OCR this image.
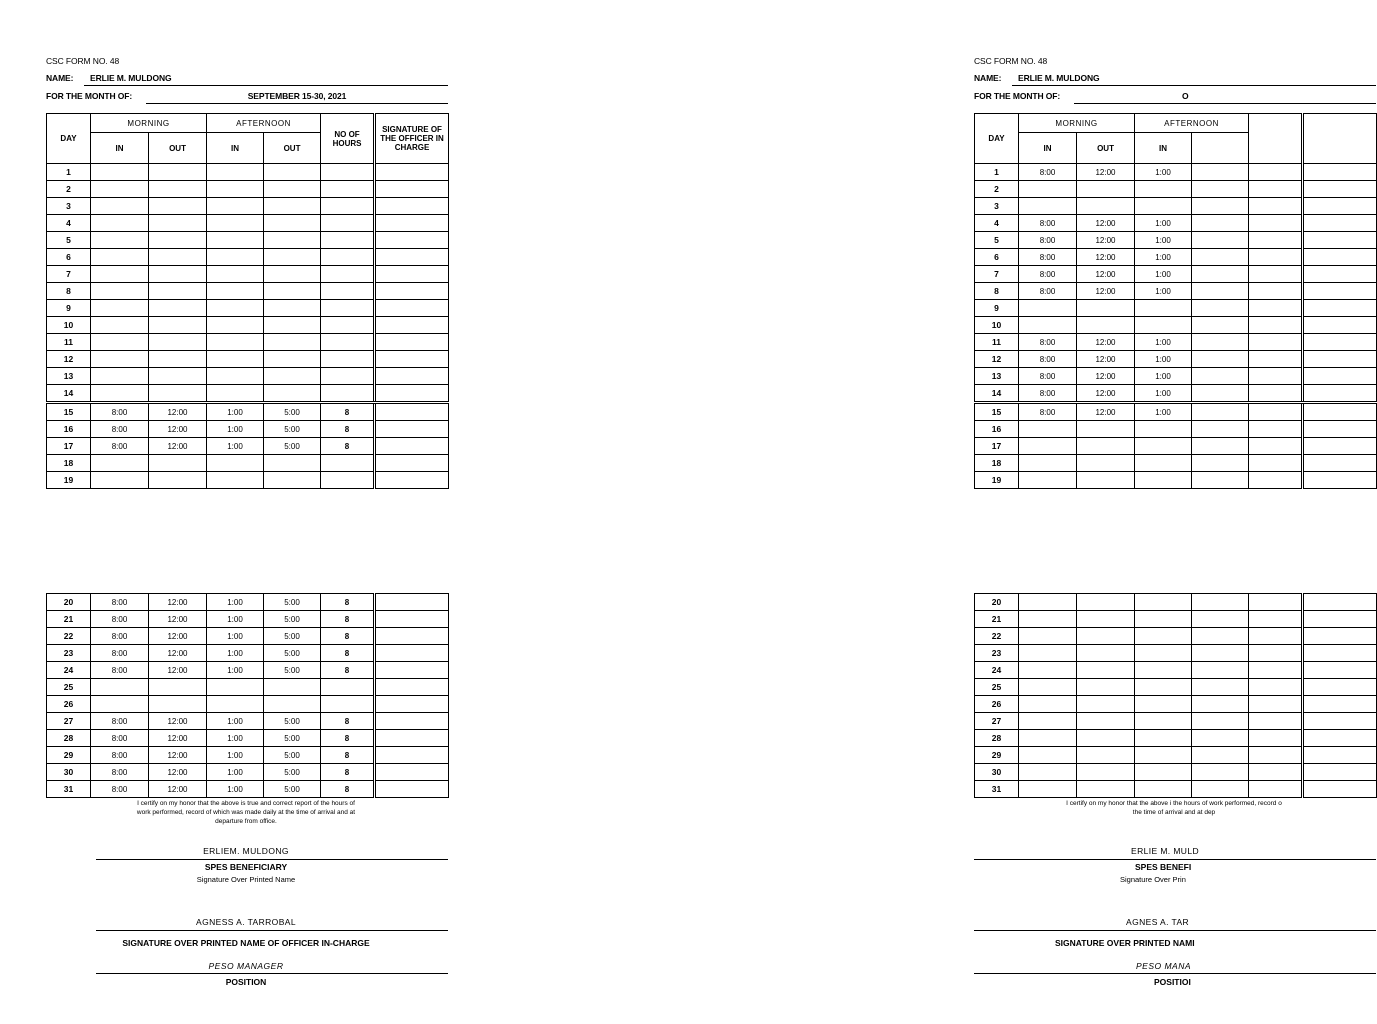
CSC FORM NO. 48
NAME: ERLIE M. MULDONG
FOR THE MONTH OF:	SEPTEMBER 15-30, 2021
DAY	MORNING		AFTERNOON		NO OF HOURS	SIGNATURE OF THE OFFICER IN CHARGE
	IN	OUT	IN	OUT		
1						
2						
3						
4						
5						
6						
7						
8						
9						
10						
11						
12						
13						
14						
15	8:00	12:00	1:00	5:00	8	
16	8:00	12:00	1:00	5:00	8	
17	8:00	12:00	1:00	5:00	8	
18						
19						
20	8:00	12:00	1:00	5:00	8	
21	8:00	12:00	1:00	5:00	8	
22	8:00	12:00	1:00	5:00	8	
23	8:00	12:00	1:00	5:00	8	
24	8:00	12:00	1:00	5:00	8	
25						
26						
27	8:00	12:00	1:00	5:00	8	
28	8:00	12:00	1:00	5:00	8	
29	8:00	12:00	1:00	5:00	8	
30	8:00	12:00	1:00	5:00	8	
31	8:00	12:00	1:00	5:00	8	
I certify on my honor that the above is true and correct report of the hours of work performed, record of which was made daily at the time of arrival and at departure from office.
ERLIEM. MULDONG
SPES BENEFICIARY
Signature Over Printed Name
AGNESS A. TARROBAL
SIGNATURE OVER PRINTED NAME OF OFFICER IN-CHARGE
PESO MANAGER
POSITION
CSC FORM NO. 48
NAME: ERLIE M. MULDONG
FOR THE MONTH OF:	O
DAY	MORNING		AFTERNOON			
	IN	OUT	IN			
1	8:00	12:00	1:00			
2						
3						
4	8:00	12:00	1:00			
5	8:00	12:00	1:00			
6	8:00	12:00	1:00			
7	8:00	12:00	1:00			
8	8:00	12:00	1:00			
9						
10						
11	8:00	12:00	1:00			
12	8:00	12:00	1:00			
13	8:00	12:00	1:00			
14	8:00	12:00	1:00			
15	8:00	12:00	1:00			
16						
17						
18						
19						
20						
21						
22						
23						
24						
25						
26						
27						
28						
29						
30						
31						
I certify on my honor that the above i the hours of work performed, record o the time of arrival and at dep
ERLIE M. MULD
SPES BENEFI
Signature Over Prin
AGNES A. TAR
SIGNATURE OVER PRINTED NAMI
PESO MANA
POSITIOI
